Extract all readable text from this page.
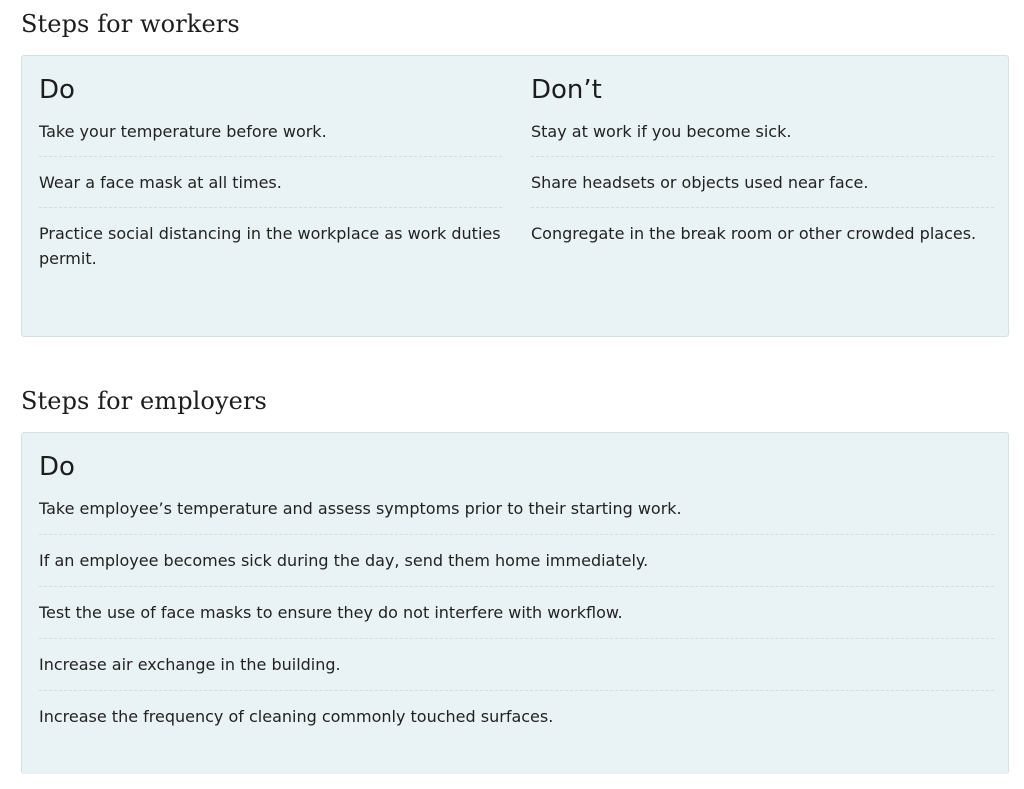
Steps for workers
Do
Take your temperature before work.
Wear a face mask at all times.
Practice social distancing in the workplace as work duties permit.
Don’t
Stay at work if you become sick.
Share headsets or objects used near face.
Congregate in the break room or other crowded places.
Steps for employers
Do
Take employee’s temperature and assess symptoms prior to their starting work.
If an employee becomes sick during the day, send them home immediately.
Test the use of face masks to ensure they do not interfere with workflow.
Increase air exchange in the building.
Increase the frequency of cleaning commonly touched surfaces.
